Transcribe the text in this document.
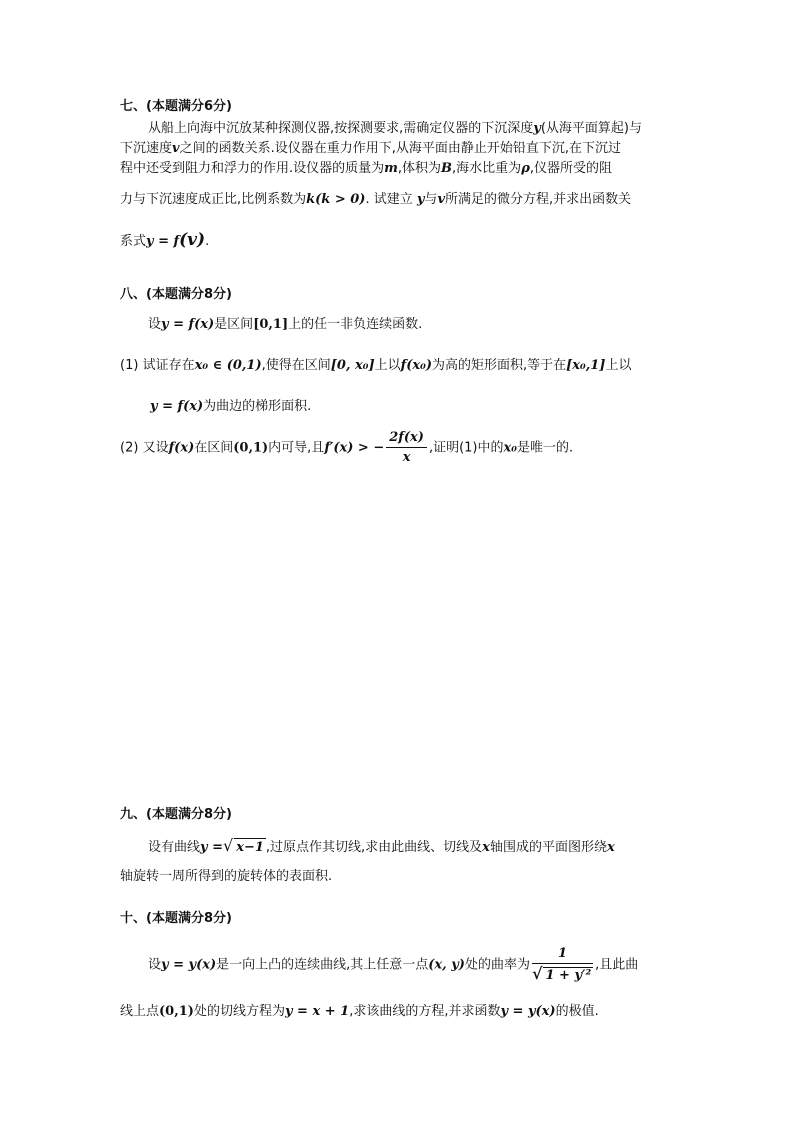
七、(本题满分6分)
从船上向海中沉放某种探测仪器,按探测要求,需确定仪器的下沉深度y(从海平面算起)与
下沉速度v之间的函数关系.设仪器在重力作用下,从海平面由静止开始铅直下沉,在下沉过
程中还受到阻力和浮力的作用.设仪器的质量为m,体积为B,海水比重为ρ,仪器所受的阻
力与下沉速度成正比,比例系数为k(k > 0). 试建立 y与v所满足的微分方程,并求出函数关
系式y = f(v).
八、(本题满分8分)
设y = f(x)是区间[0,1]上的任一非负连续函数.
(1) 试证存在x₀ ∈ (0,1),使得在区间[0, x₀]上以f(x₀)为高的矩形面积,等于在[x₀,1]上以
y = f(x)为曲边的梯形面积.
(2) 又设f(x)在区间(0,1)内可导,且f′(x) > − $\frac{2f(x)}{x}$ ,证明(1)中的x₀是唯一的.
九、(本题满分8分)
设有曲线y =√ x−1 ,过原点作其切线,求由此曲线、切线及x轴围成的平面图形绕x
轴旋转一周所得到的旋转体的表面积.
十、(本题满分8分)
设y = y(x)是一向上凸的连续曲线,其上任意一点(x, y)处的曲率为 $\frac{1}{\text{√ 1 + y′²}}$ ,且此曲
线上点(0,1)处的切线方程为y = x + 1,求该曲线的方程,并求函数y = y(x)的极值.
